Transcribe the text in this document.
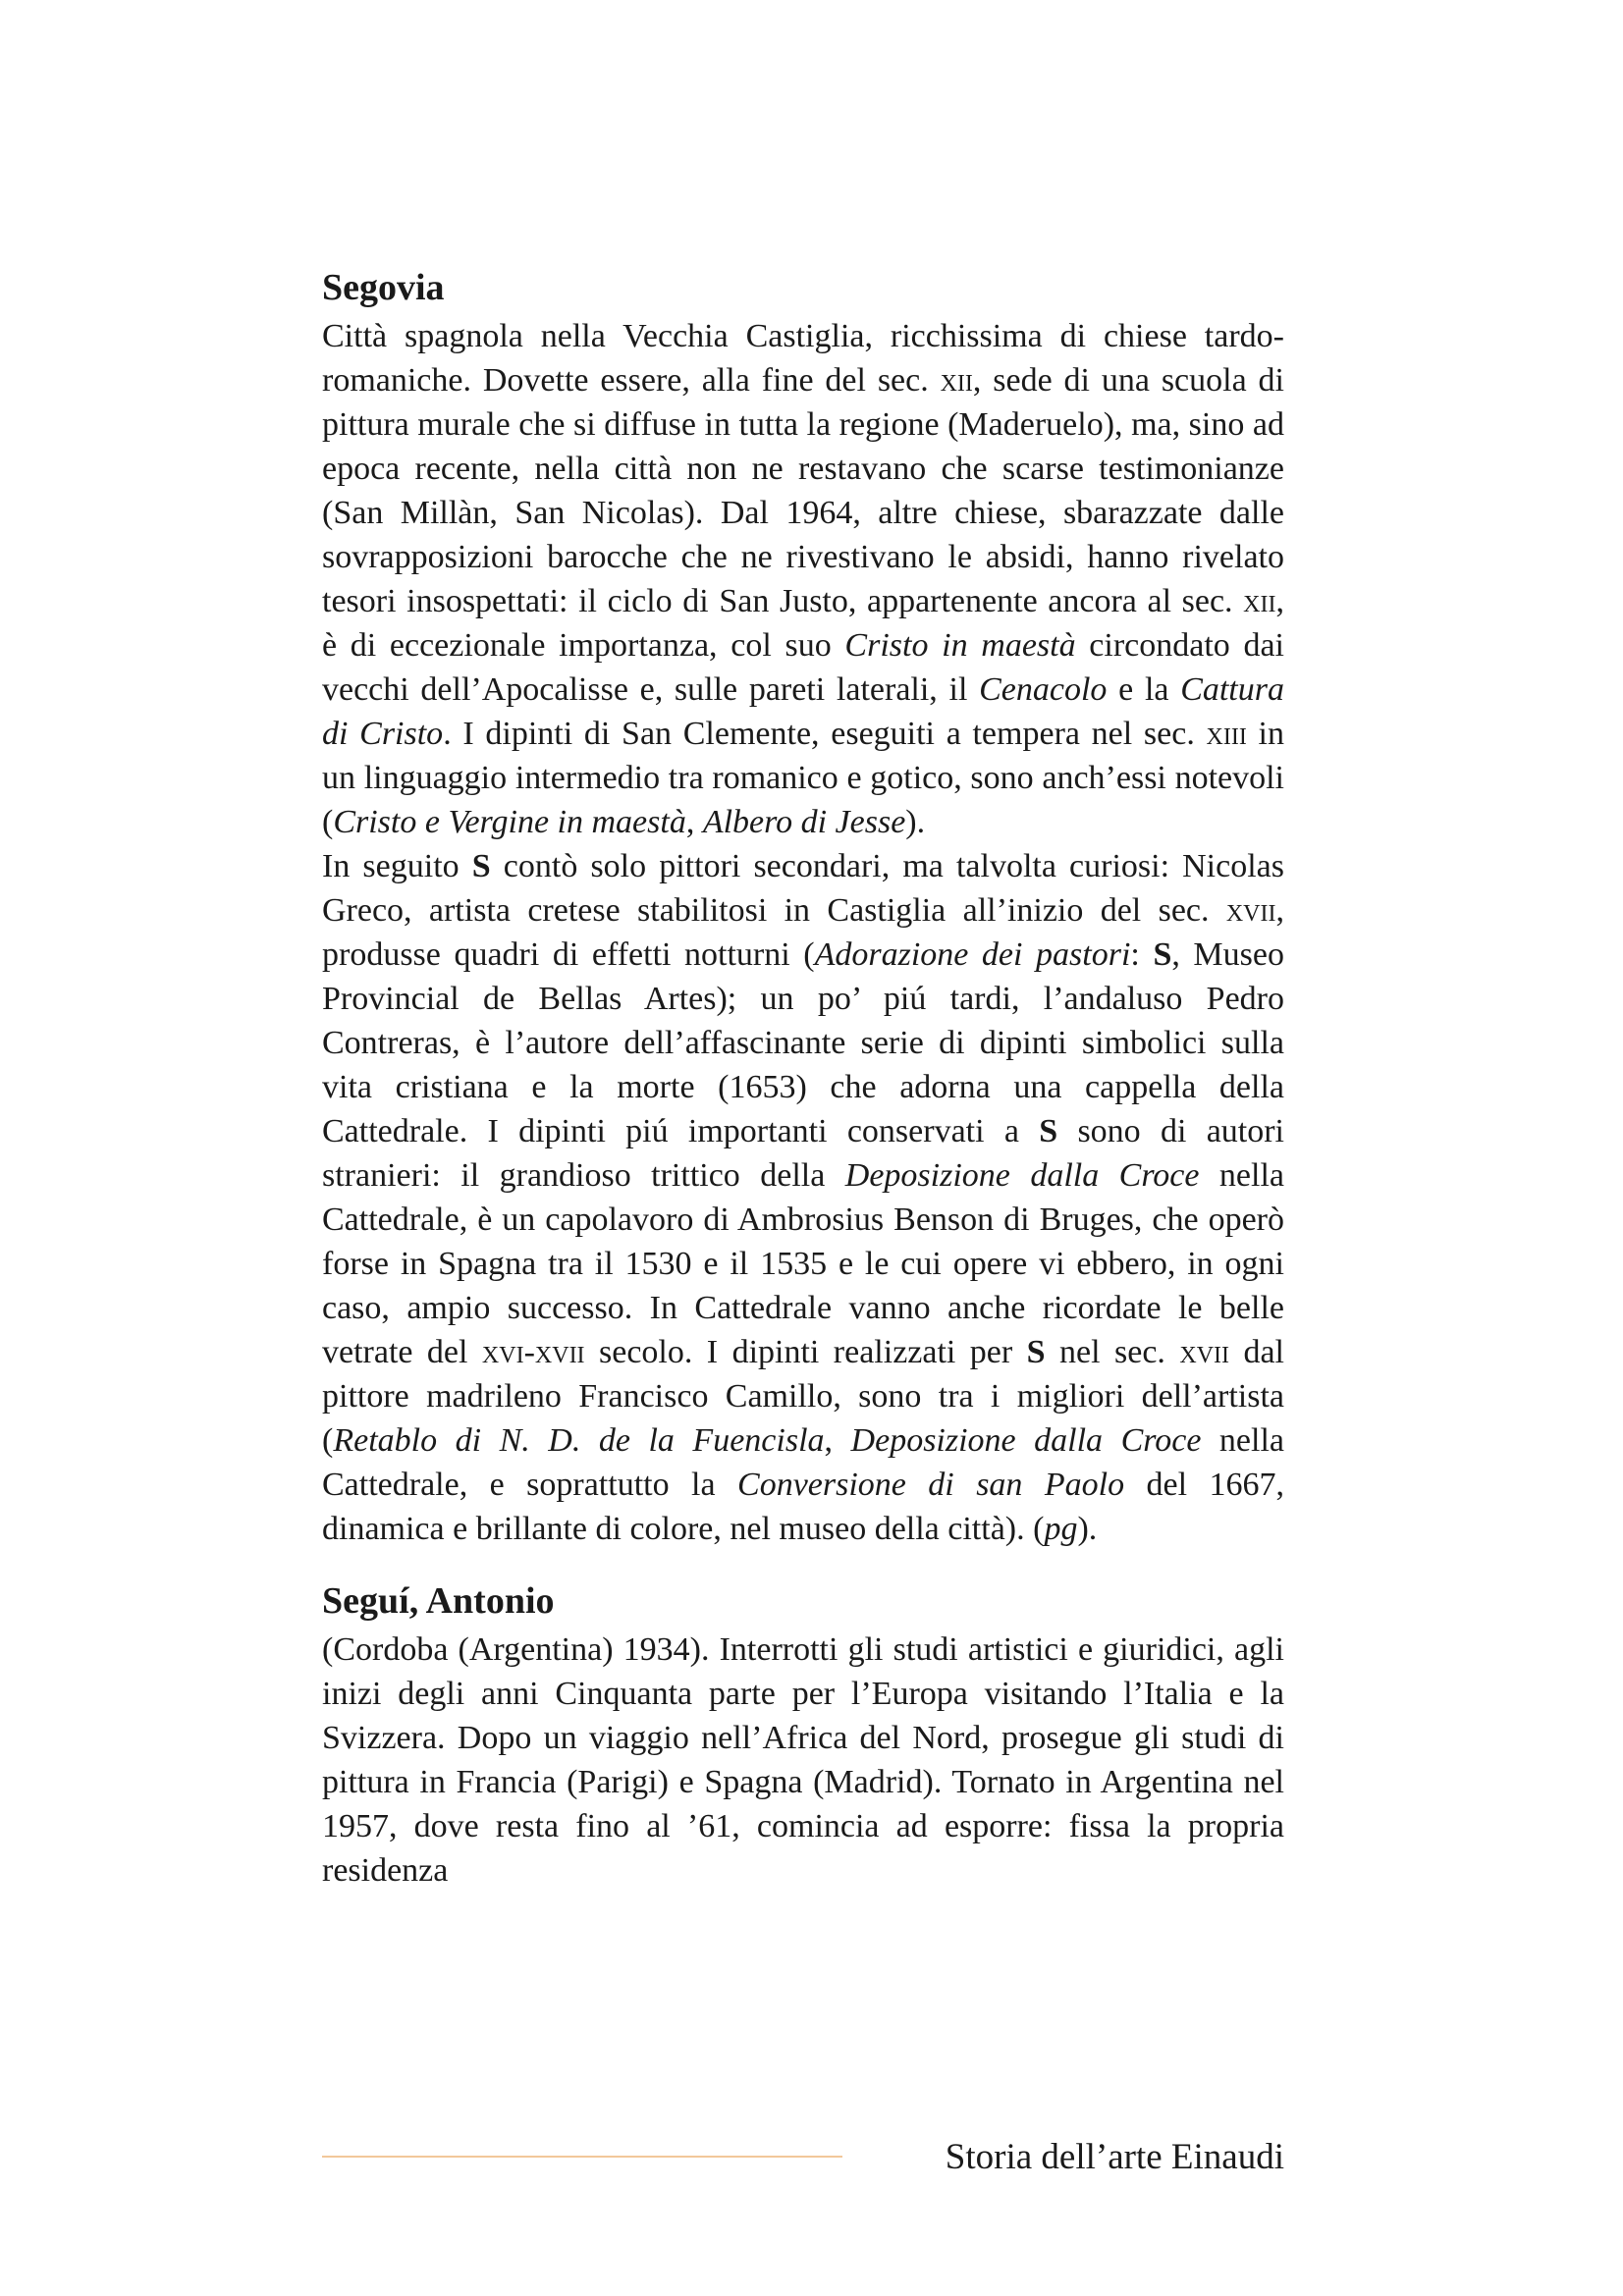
Segovia

Città spagnola nella Vecchia Castiglia, ricchissima di chiese tardo-romaniche. Dovette essere, alla fine del sec. xii, sede di una scuola di pittura murale che si diffuse in tutta la regione (Maderuelo), ma, sino ad epoca recente, nella città non ne restavano che scarse testimonianze (San Millàn, San Nicolas). Dal 1964, altre chiese, sbarazzate dalle sovrapposizioni barocche che ne rivestivano le absidi, hanno rivelato tesori insospettati: il ciclo di San Justo, appartenente ancora al sec. xii, è di eccezionale importanza, col suo Cristo in maestà circondato dai vecchi dell’Apocalisse e, sulle pareti laterali, il Cenacolo e la Cattura di Cristo. I dipinti di San Clemente, eseguiti a tempera nel sec. xiii in un linguaggio intermedio tra romanico e gotico, sono anch’essi notevoli (Cristo e Vergine in maestà, Albero di Jesse).

In seguito S contò solo pittori secondari, ma talvolta curiosi: Nicolas Greco, artista cretese stabilitosi in Castiglia all’inizio del sec. xvii, produsse quadri di effetti notturni (Adorazione dei pastori: S, Museo Provincial de Bellas Artes); un po’ piú tardi, l’andaluso Pedro Contreras, è l’autore dell’affascinante serie di dipinti simbolici sulla vita cristiana e la morte (1653) che adorna una cappella della Cattedrale. I dipinti piú importanti conservati a S sono di autori stranieri: il grandioso trittico della Deposizione dalla Croce nella Cattedrale, è un capolavoro di Ambrosius Benson di Bruges, che operò forse in Spagna tra il 1530 e il 1535 e le cui opere vi ebbero, in ogni caso, ampio successo. In Cattedrale vanno anche ricordate le belle vetrate del xvi-xvii secolo. I dipinti realizzati per S nel sec. xvii dal pittore madrileno Francisco Camillo, sono tra i migliori dell’artista (Retablo di N. D. de la Fuencisla, Deposizione dalla Croce nella Cattedrale, e soprattutto la Conversione di san Paolo del 1667, dinamica e brillante di colore, nel museo della città). (pg).

Seguí, Antonio

(Cordoba (Argentina) 1934). Interrotti gli studi artistici e giuridici, agli inizi degli anni Cinquanta parte per l’Europa visitando l’Italia e la Svizzera. Dopo un viaggio nell’Africa del Nord, prosegue gli studi di pittura in Francia (Parigi) e Spagna (Madrid). Tornato in Argentina nel 1957, dove resta fino al ’61, comincia ad esporre: fissa la propria residenza

Storia dell’arte Einaudi
